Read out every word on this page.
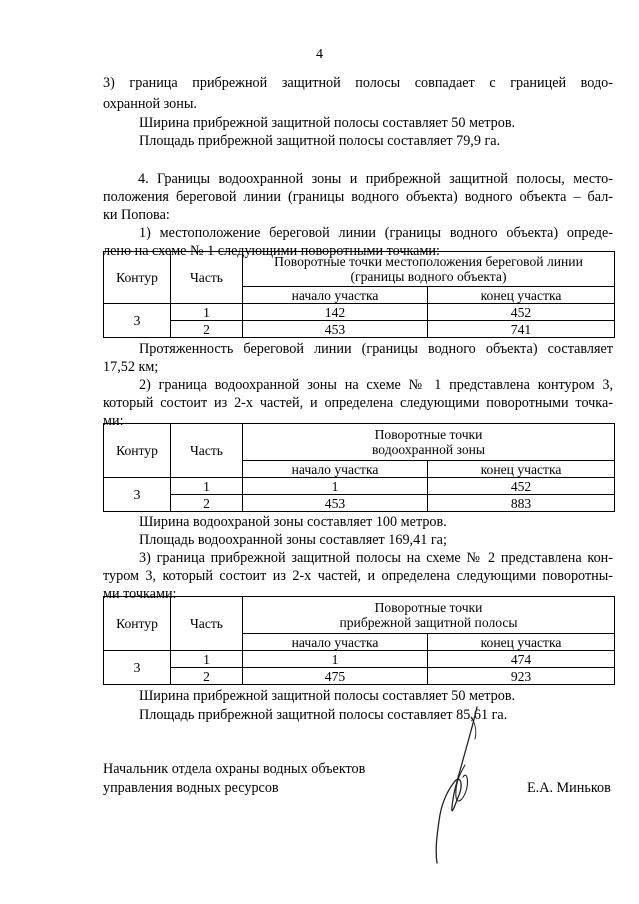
4
3) граница прибрежной защитной полосы совпадает с границей водо-
охранной зоны.
Ширина прибрежной защитной полосы составляет 50 метров.
Площадь прибрежной защитной полосы составляет 79,9 га.
4. Границы водоохранной зоны и прибрежной защитной полосы, место-
положения береговой линии (границы водного объекта) водного объекта – бал-
ки Попова:
1) местоположение береговой линии (границы водного объекта) опреде-
лено на схеме № 1 следующими поворотными точками:
Контур	Часть	Поворотные точки местоположения береговой линии
(границы водного объекта)	

		начало участка	конец участка
3	1	142	452
	2	453	741
Протяженность береговой линии (границы водного объекта) составляет
17,52 км;
2) граница водоохранной зоны на схеме № 1 представлена контуром 3,
который состоит из 2-х частей, и определена следующими поворотными точка-
ми:
Контур	Часть	Поворотные точки
водоохранной зоны	

		начало участка	конец участка
3	1	1	452
	2	453	883
Ширина водоохраной зоны составляет 100 метров.
Площадь водоохранной зоны составляет 169,41 га;
3) граница прибрежной защитной полосы на схеме № 2 представлена кон-
туром 3, который состоит из 2-х частей, и определена следующими поворотны-
ми точками:
Контур	Часть	Поворотные точки
прибрежной защитной полосы	

		начало участка	конец участка
3	1	1	474
	2	475	923
Ширина прибрежной защитной полосы составляет 50 метров.
Площадь прибрежной защитной полосы составляет 85,61 га.
Начальник отдела охраны водных объектов
управления водных ресурсов	Е.А. Миньков
